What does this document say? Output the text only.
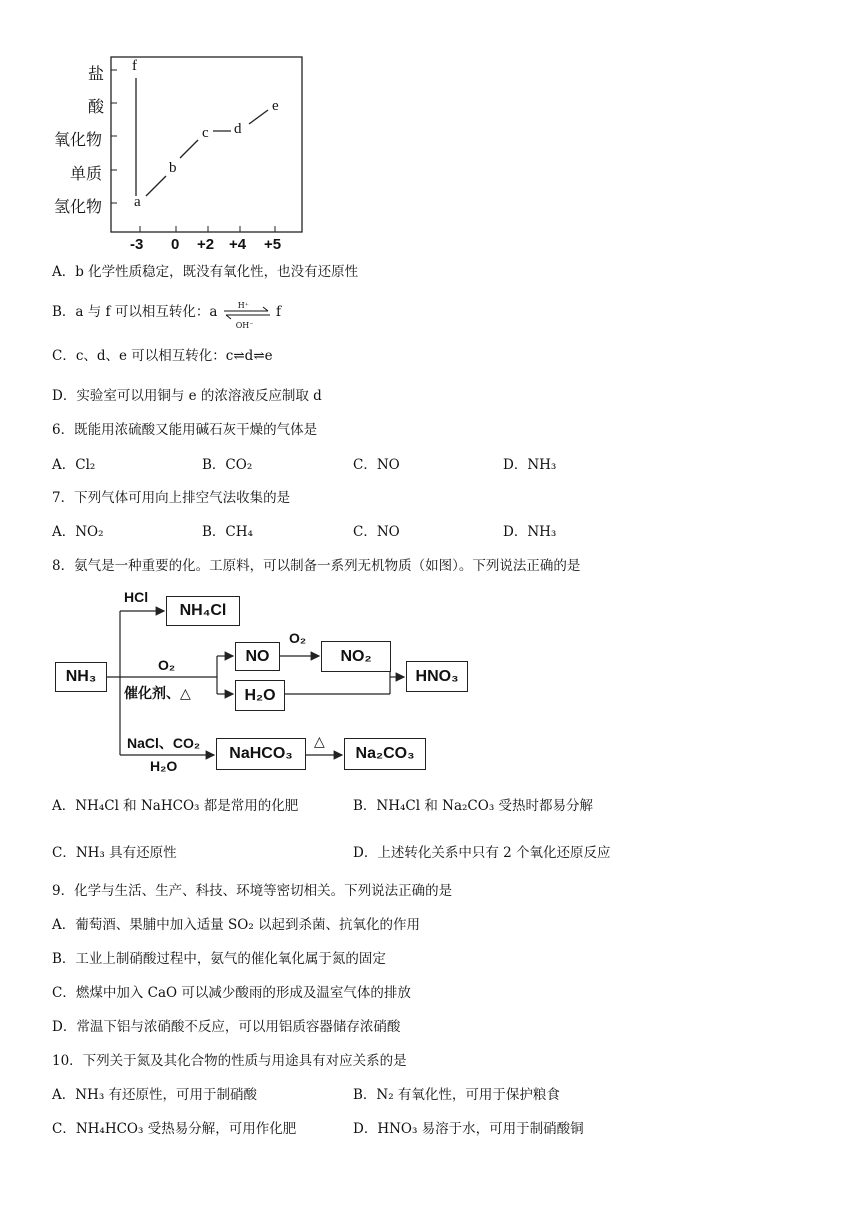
盐
酸
氧化物
单质
氢化物 a
b
c d
e
f
-3 0 +2 +4 +5
A．b 化学性质稳定，既没有氧化性，也没有还原性
B．a 与 f 可以相互转化：a	H⁺
OH⁻
f
C．c、d、e 可以相互转化：c⇌d⇌e
D．实验室可以用铜与 e 的浓溶液反应制取 d
6．既能用浓硫酸又能用碱石灰干燥的气体是
A．Cl₂	B．CO₂	C．NO	D．NH₃
7．下列气体可用向上排空气法收集的是
A．NO₂	B．CH₄	C．NO	D．NH₃
8．氨气是一种重要的化。工原料，可以制备一系列无机物质（如图）。下列说法正确的是
NH₃
HCl
NH₄Cl
O₂
催化剂、△
NO
O₂
NO₂
H₂O
HNO₃
NaCl、CO₂
H₂O
NaHCO₃
△
Na₂CO₃
A．NH₄Cl 和 NaHCO₃ 都是常用的化肥	B．NH₄Cl 和 Na₂CO₃ 受热时都易分解
C．NH₃ 具有还原性	D．上述转化关系中只有 2 个氧化还原反应
9．化学与生活、生产、科技、环境等密切相关。下列说法正确的是
A．葡萄酒、果脯中加入适量 SO₂ 以起到杀菌、抗氧化的作用
B．工业上制硝酸过程中，氨气的催化氧化属于氮的固定
C．燃煤中加入 CaO 可以减少酸雨的形成及温室气体的排放
D．常温下铝与浓硝酸不反应，可以用铝质容器储存浓硝酸
10．下列关于氮及其化合物的性质与用途具有对应关系的是
A．NH₃ 有还原性，可用于制硝酸	B．N₂ 有氧化性，可用于保护粮食
C．NH₄HCO₃ 受热易分解，可用作化肥	D．HNO₃ 易溶于水，可用于制硝酸铜
